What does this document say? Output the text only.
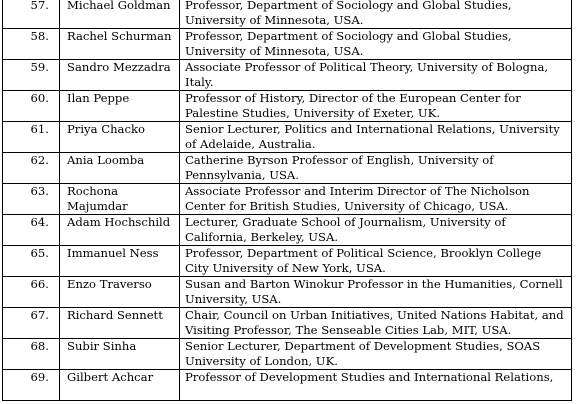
57.	Michael Goldman	Professor, Department of Sociology and Global Studies, University of Minnesota, USA.
58.	Rachel Schurman	Professor, Department of Sociology and Global Studies, University of Minnesota, USA.
59.	Sandro Mezzadra	Associate Professor of Political Theory, University of Bologna, Italy.
60.	Ilan Peppe	Professor of History, Director of the European Center for Palestine Studies, University of Exeter, UK.
61.	Priya Chacko	Senior Lecturer, Politics and International Relations, University of Adelaide, Australia.
62.	Ania Loomba	Catherine Byrson Professor of English, University of Pennsylvania, USA.
63.	Rochona Majumdar	Associate Professor and Interim Director of The Nicholson Center for British Studies, University of Chicago, USA.
64.	Adam Hochschild	Lecturer, Graduate School of Journalism, University of California, Berkeley, USA.
65.	Immanuel Ness	Professor, Department of Political Science, Brooklyn College City University of New York, USA.
66.	Enzo Traverso	Susan and Barton Winokur Professor in the Humanities, Cornell University, USA.
67.	Richard Sennett	Chair, Council on Urban Initiatives, United Nations Habitat, and Visiting Professor, The Senseable Cities Lab, MIT, USA.
68.	Subir Sinha	Senior Lecturer, Department of Development Studies, SOAS University of London, UK.
69.	Gilbert Achcar	Professor of Development Studies and International Relations,
